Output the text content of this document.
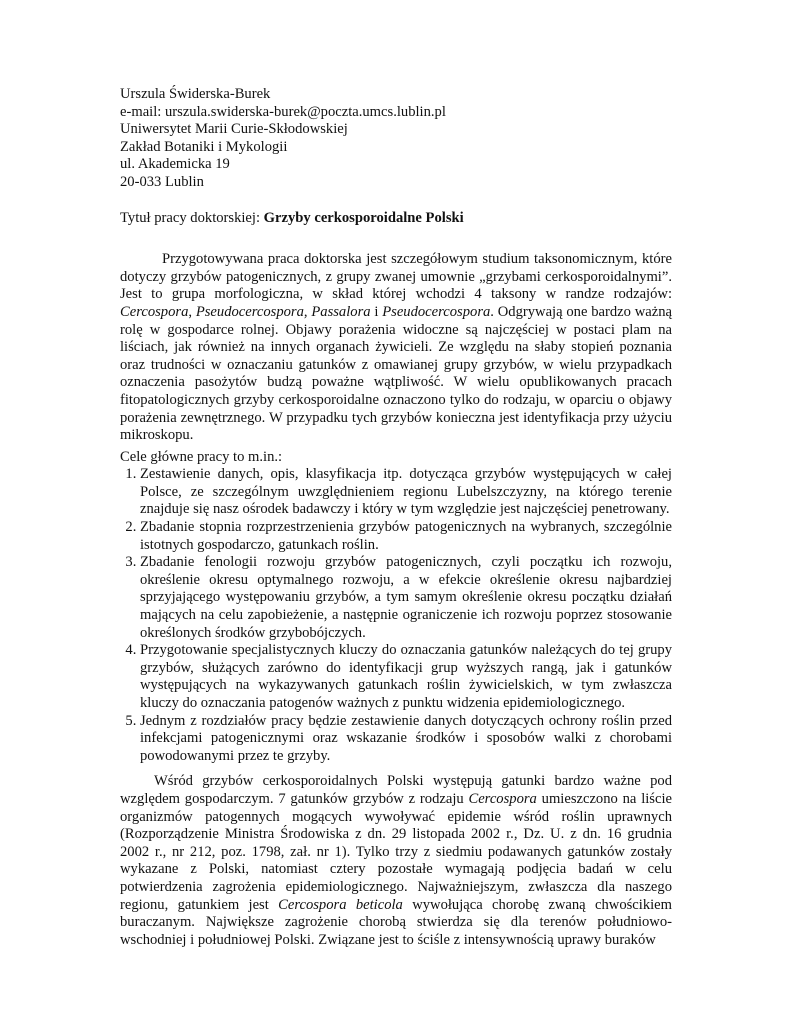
Urszula Świderska-Burek
e-mail: urszula.swiderska-burek@poczta.umcs.lublin.pl
Uniwersytet Marii Curie-Skłodowskiej
Zakład Botaniki i Mykologii
ul. Akademicka 19
20-033 Lublin
Tytuł pracy doktorskiej: Grzyby cerkosporoidalne Polski

Przygotowywana praca doktorska jest szczegółowym studium taksonomicznym, które dotyczy grzybów patogenicznych, z grupy zwanej umownie „grzybami cerkosporoidalnymi”. Jest to grupa morfologiczna, w skład której wchodzi 4 taksony w randze rodzajów: Cercospora, Pseudocercospora, Passalora i Pseudocercospora. Odgrywają one bardzo ważną rolę w gospodarce rolnej. Objawy porażenia widoczne są najczęściej w postaci plam na liściach, jak również na innych organach żywicieli. Ze względu na słaby stopień poznania oraz trudności w oznaczaniu gatunków z omawianej grupy grzybów, w wielu przypadkach oznaczenia pasożytów budzą poważne wątpliwość. W wielu opublikowanych pracach fitopatologicznych grzyby cerkosporoidalne oznaczono tylko do rodzaju, w oparciu o objawy porażenia zewnętrznego. W przypadku tych grzybów konieczna jest identyfikacja przy użyciu mikroskopu.

Cele główne pracy to m.in.:
1. Zestawienie danych, opis, klasyfikacja itp. dotycząca grzybów występujących w całej Polsce, ze szczególnym uwzględnieniem regionu Lubelszczyzny, na którego terenie znajduje się nasz ośrodek badawczy i który w tym względzie jest najczęściej penetrowany.
2. Zbadanie stopnia rozprzestrzenienia grzybów patogenicznych na wybranych, szczególnie istotnych gospodarczo, gatunkach roślin.
3. Zbadanie fenologii rozwoju grzybów patogenicznych, czyli początku ich rozwoju, określenie okresu optymalnego rozwoju, a w efekcie określenie okresu najbardziej sprzyjającego występowaniu grzybów, a tym samym określenie okresu początku działań mających na celu zapobieżenie, a następnie ograniczenie ich rozwoju poprzez stosowanie określonych środków grzybobójczych.
4. Przygotowanie specjalistycznych kluczy do oznaczania gatunków należących do tej grupy grzybów, służących zarówno do identyfikacji grup wyższych rangą, jak i gatunków występujących na wykazywanych gatunkach roślin żywicielskich, w tym zwłaszcza kluczy do oznaczania patogenów ważnych z punktu widzenia epidemiologicznego.
5. Jednym z rozdziałów pracy będzie zestawienie danych dotyczących ochrony roślin przed infekcjami patogenicznymi oraz wskazanie środków i sposobów walki z chorobami powodowanymi przez te grzyby.

Wśród grzybów cerkosporoidalnych Polski występują gatunki bardzo ważne pod względem gospodarczym. 7 gatunków grzybów z rodzaju Cercospora umieszczono na liście organizmów patogennych mogących wywoływać epidemie wśród roślin uprawnych (Rozporządzenie Ministra Środowiska z dn. 29 listopada 2002 r., Dz. U. z dn. 16 grudnia 2002 r., nr 212, poz. 1798, zał. nr 1). Tylko trzy z siedmiu podawanych gatunków zostały wykazane z Polski, natomiast cztery pozostałe wymagają podjęcia badań w celu potwierdzenia zagrożenia epidemiologicznego. Najważniejszym, zwłaszcza dla naszego regionu, gatunkiem jest Cercospora beticola wywołująca chorobę zwaną chwościkiem buraczanym. Największe zagrożenie chorobą stwierdza się dla terenów południowo-wschodniej i południowej Polski. Związane jest to ściśle z intensywnością uprawy buraków
